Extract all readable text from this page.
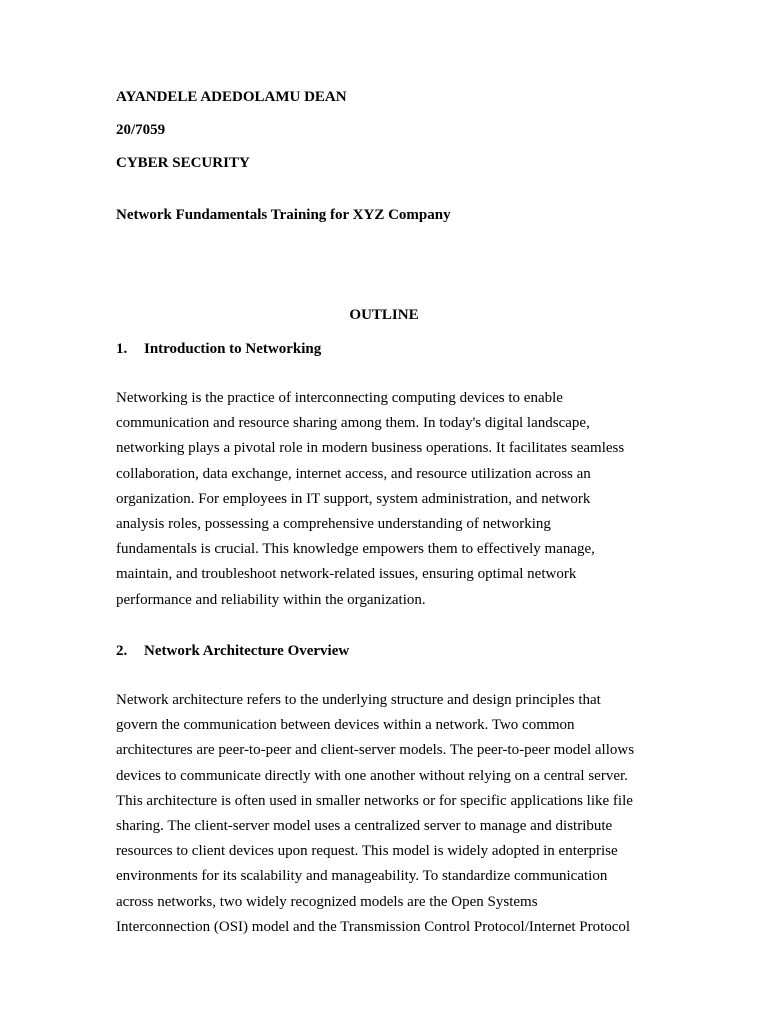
AYANDELE ADEDOLAMU DEAN
20/7059
CYBER SECURITY
Network Fundamentals Training for XYZ Company
OUTLINE
1. Introduction to Networking
Networking is the practice of interconnecting computing devices to enable
communication and resource sharing among them. In today's digital landscape,
networking plays a pivotal role in modern business operations. It facilitates seamless
collaboration, data exchange, internet access, and resource utilization across an
organization. For employees in IT support, system administration, and network
analysis roles, possessing a comprehensive understanding of networking
fundamentals is crucial. This knowledge empowers them to effectively manage,
maintain, and troubleshoot network-related issues, ensuring optimal network
performance and reliability within the organization.
2. Network Architecture Overview
Network architecture refers to the underlying structure and design principles that
govern the communication between devices within a network. Two common
architectures are peer-to-peer and client-server models. The peer-to-peer model allows
devices to communicate directly with one another without relying on a central server.
This architecture is often used in smaller networks or for specific applications like file
sharing. The client-server model uses a centralized server to manage and distribute
resources to client devices upon request. This model is widely adopted in enterprise
environments for its scalability and manageability. To standardize communication
across networks, two widely recognized models are the Open Systems
Interconnection (OSI) model and the Transmission Control Protocol/Internet Protocol
